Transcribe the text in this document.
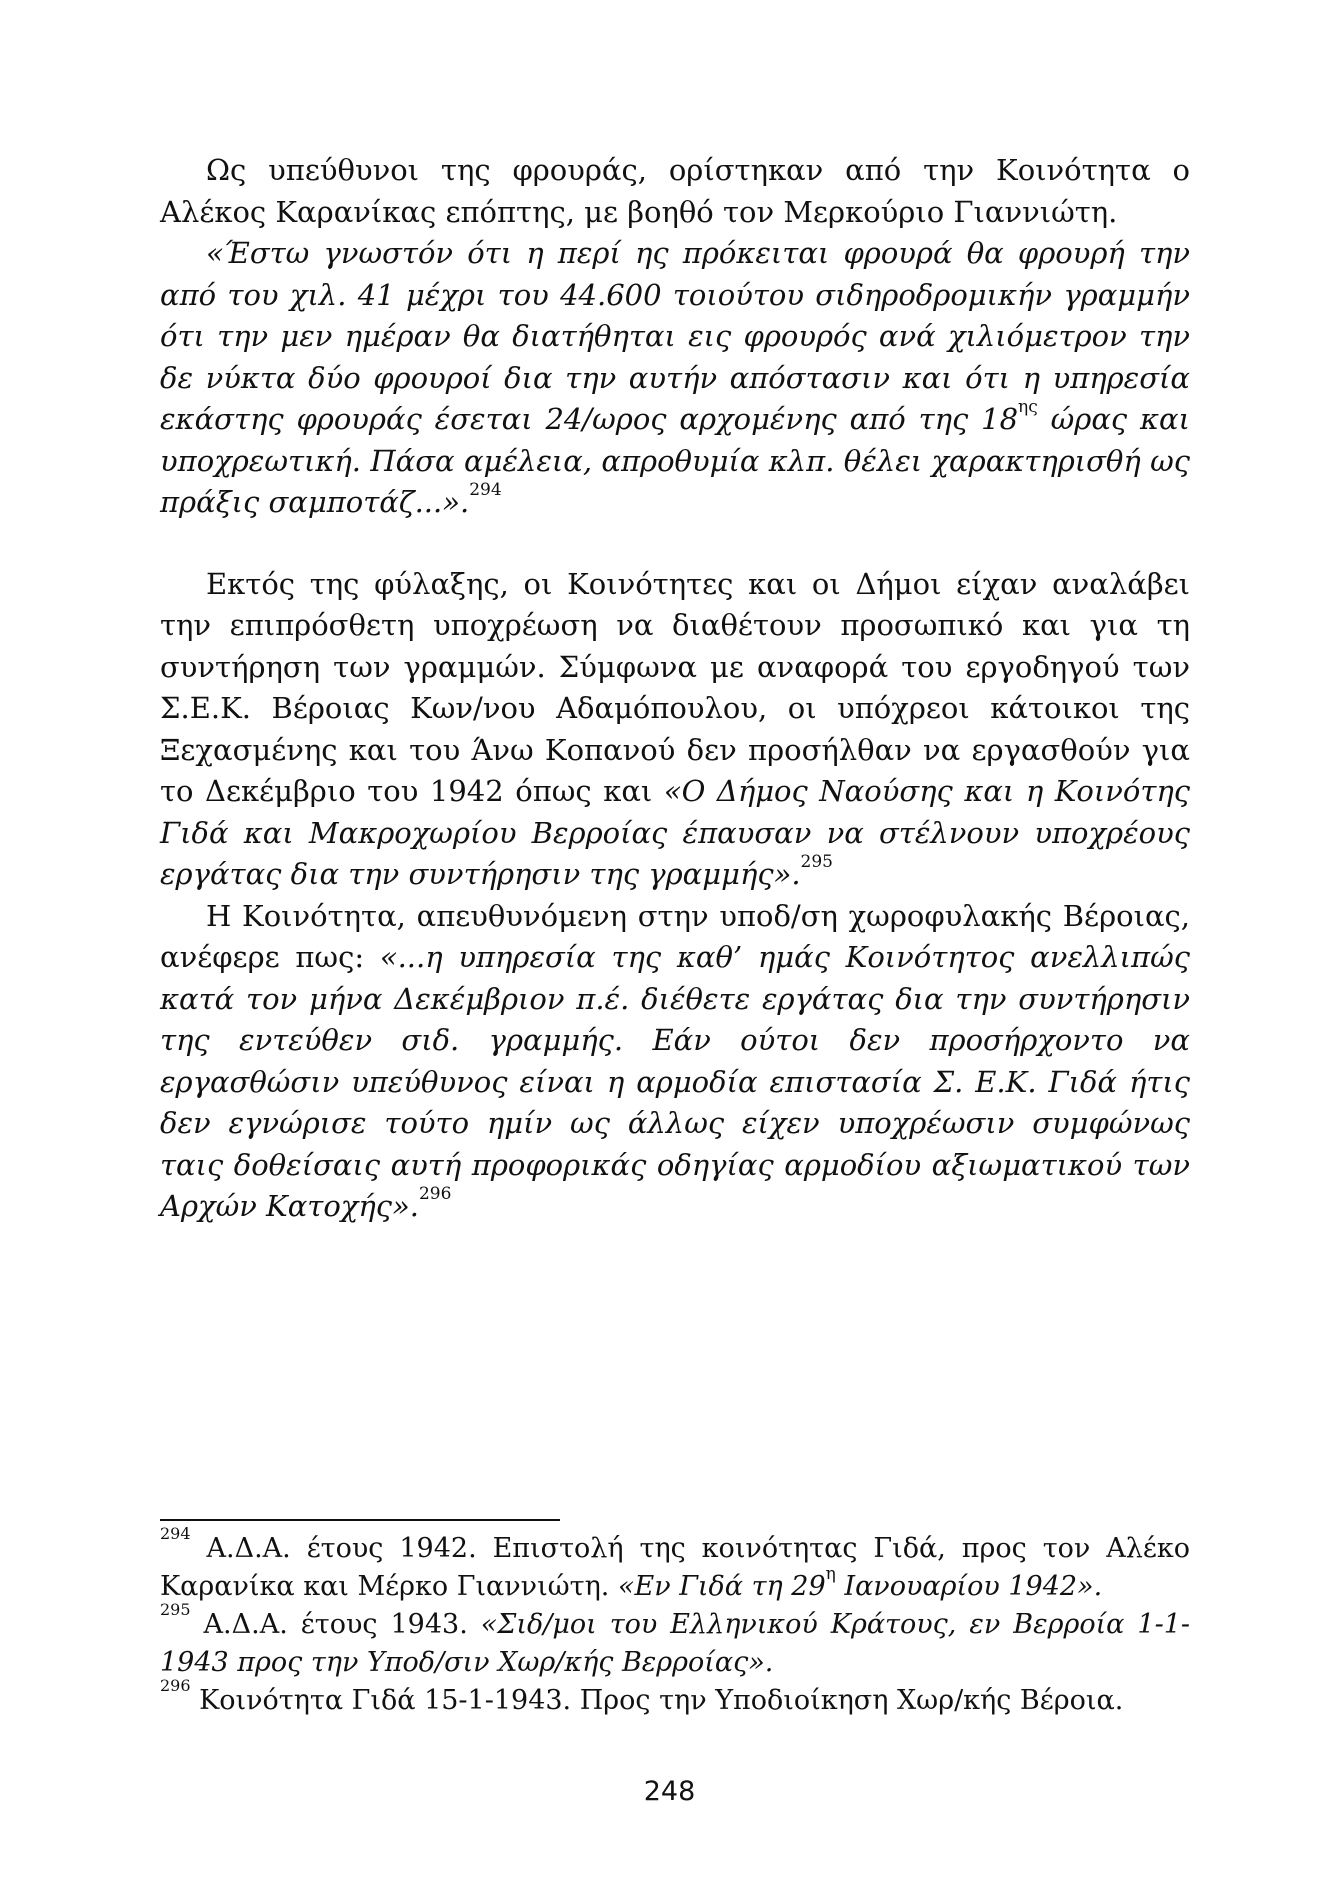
Ως υπεύθυνοι της φρουράς, ορίστηκαν από την Κοινότητα ο Αλέκος Καρανίκας επόπτης, με βοηθό τον Μερκούριο Γιαννιώτη.

«Έστω γνωστόν ότι η περί ης πρόκειται φρουρά θα φρουρή την από του χιλ. 41 μέχρι του 44.600 τοιούτου σιδηροδρομικήν γραμμήν ότι την μεν ημέραν θα διατήθηται εις φρουρός ανά χιλιόμετρον την δε νύκτα δύο φρουροί δια την αυτήν απόστασιν και ότι η υπηρεσία εκάστης φρουράς έσεται 24/ωρος αρχομένης από της $18^{\eta\varsigma}$ ώρας και υποχρεωτική. Πάσα αμέλεια, απροθυμία κλπ. θέλει χαρακτηρισθή ως πράξις σαμποτάζ...».$^{294}$

Εκτός της φύλαξης, οι Κοινότητες και οι Δήμοι είχαν αναλάβει την επιπρόσθετη υποχρέωση να διαθέτουν προσωπικό και για τη συντήρηση των γραμμών. Σύμφωνα με αναφορά του εργοδηγού των Σ.Ε.Κ. Βέροιας Κων/νου Αδαμόπουλου, οι υπόχρεοι κάτοικοι της Ξεχασμένης και του Άνω Κοπανού δεν προσήλθαν να εργασθούν για το Δεκέμβριο του 1942 όπως και «Ο Δήμος Ναούσης και η Κοινότης Γιδά και Μακροχωρίου Βερροίας έπαυσαν να στέλνουν υποχρέους εργάτας δια την συντήρησιν της γραμμής».$^{295}$

Η Κοινότητα, απευθυνόμενη στην υποδ/ση χωροφυλακής Βέροιας, ανέφερε πως: «...η υπηρεσία της καθ’ ημάς Κοινότητος ανελλιπώς κατά τον μήνα Δεκέμβριον π.έ. διέθετε εργάτας δια την συντήρησιν της εντεύθεν σιδ. γραμμής. Εάν ούτοι δεν προσήρχοντο να εργασθώσιν υπεύθυνος είναι η αρμοδία επιστασία Σ. Ε.Κ. Γιδά ήτις δεν εγνώρισε τούτο ημίν ως άλλως είχεν υποχρέωσιν συμφώνως ταις δοθείσαις αυτή προφορικάς οδηγίας αρμοδίου αξιωματικού των Αρχών Κατοχής».$^{296}$

$^{294}$ Α.Δ.Α. έτους 1942. Επιστολή της κοινότητας Γιδά, προς τον Αλέκο Καρανίκα και Μέρκο Γιαννιώτη. «Εν Γιδά τη $29^\eta$ Ιανουαρίου 1942».

$^{295}$ Α.Δ.Α. έτους 1943. «Σιδ/μοι του Ελληνικού Κράτους, εν Βερροία 1-1-1943 προς την Υποδ/σιν Χωρ/κής Βερροίας».

$^{296}$ Κοινότητα Γιδά 15-1-1943. Προς την Υποδιοίκηση Χωρ/κής Βέροια.

248
